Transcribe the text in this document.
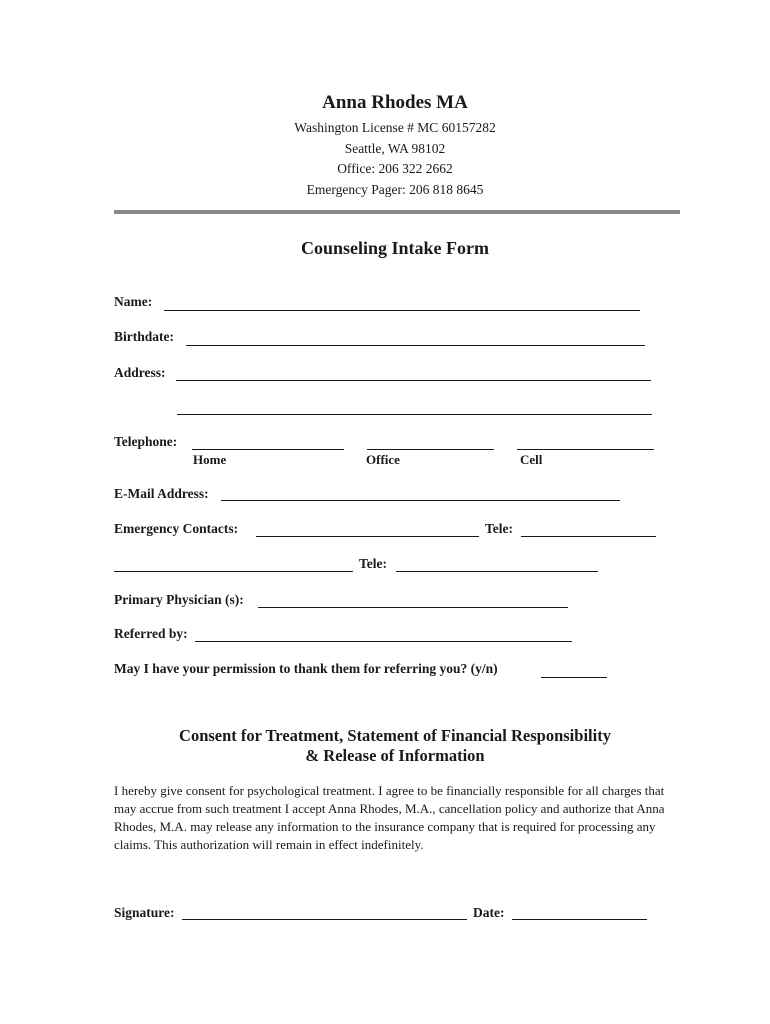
Anna Rhodes MA
Washington License # MC 60157282
Seattle, WA 98102
Office: 206 322 2662
Emergency Pager: 206 818 8645
Counseling Intake Form
Name:
Birthdate:
Address:
Telephone:
Home	Office	Cell
E-Mail Address:
Emergency Contacts:	Tele:
Tele:
Primary Physician (s):
Referred by:
May I have your permission to thank them for referring you? (y/n)
Consent for Treatment, Statement of Financial Responsibility
& Release of Information
I hereby give consent for psychological treatment. I agree to be financially responsible for all charges that may accrue from such treatment I accept Anna Rhodes, M.A., cancellation policy and authorize that Anna Rhodes, M.A. may release any information to the insurance company that is required for processing any claims. This authorization will remain in effect indefinitely.
Signature:	Date:
